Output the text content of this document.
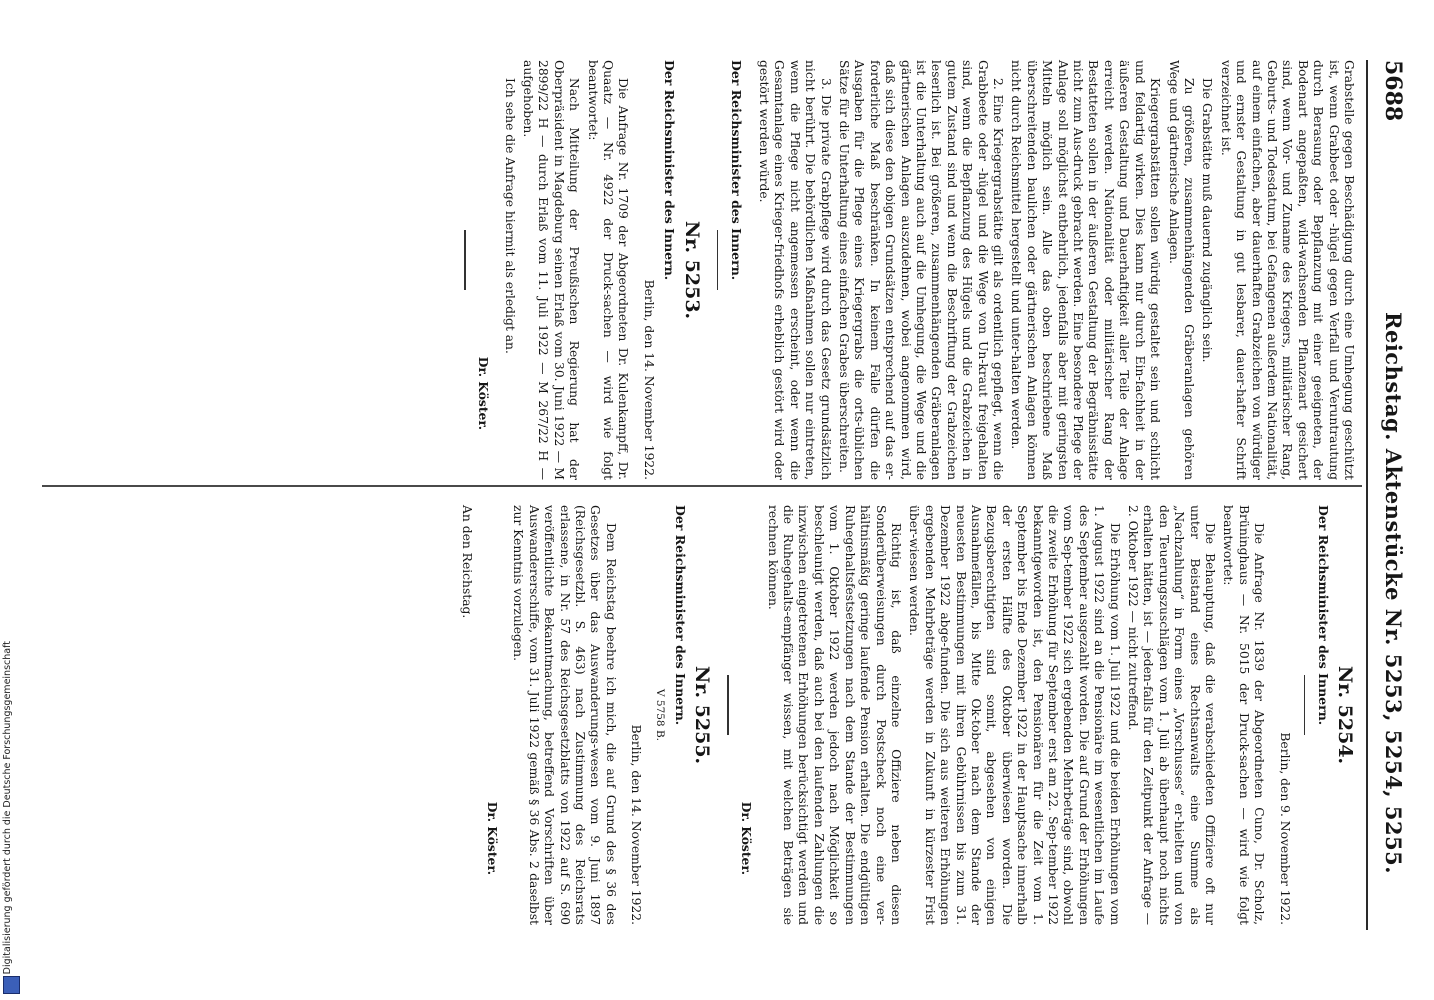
5688
Reichstag. Aktenstücke Nr. 5253, 5254, 5255.

Grabstelle gegen Beschädigung durch eine Umhegung geschützt ist, wenn Grabbeet oder -hügel gegen Verfall und Veruntrautung durch Berasung oder Bepflanzung mit einer geeigneten, der Bodenart angepaßten, wild-wachsenden Pflanzenart gesichert sind, wenn Vor- und Zuname des Kriegers, militärischer Rang, Geburts- und Todesdatum, bei Gefangenen außerdem Nationalität, auf einem einfachen, aber dauerhaften Grabzeichen von würdiger und ernster Gestaltung in gut lesbarer, dauer-hafter Schrift verzeichnet ist.

Die Grabstätte muß dauernd zugänglich sein.

Zu größeren, zusammenhängenden Gräberanlagen gehören Wege und gärtnerische Anlagen.

Kriegergrabstätten sollen würdig gestaltet sein und schlicht und feldartig wirken. Dies kann nur durch Ein-fachheit in der äußeren Gestaltung und Dauerhaftigkeit aller Teile der Anlage erreicht werden. Nationalität oder militärischer Rang der Bestatteten sollen in der äußeren Gestaltung der Begräbnisstätte nicht zum Aus-druck gebracht werden. Eine besondere Pflege der Anlage soll möglichst entbehrlich, jedenfalls aber mit geringsten Mitteln möglich sein. Alle das oben beschriebene Maß überschreitenden baulichen oder gärtnerischen Anlagen können nicht durch Reichsmittel hergestellt und unter-halten werden.

2. Eine Kriegergrabstätte gilt als ordentlich gepflegt, wenn die Grabbeete oder -hügel und die Wege von Un-kraut freigehalten sind, wenn die Bepflanzung des Hügels und die Grabzeichen in gutem Zustand sind und wenn die Beschriftung der Grabzeichen leserlich ist. Bei größeren, zusammenhängenden Gräberanlagen ist die Unterhaltung auch auf die Umhegung, die Wege und die gärtnerischen Anlagen auszudehnen, wobei angenommen wird, daß sich diese den obigen Grundsätzen entsprechend auf das er-forderliche Maß beschränken. In keinem Falle dürfen die Ausgaben für die Pflege eines Kriegergrabs die orts-üblichen Sätze für die Unterhaltung eines einfachen Grabes überschreiten.

3. Die private Grabpflege wird durch das Gesetz grundsätzlich nicht berührt. Die behördlichen Maßnahmen sollen nur eintreten, wenn die Pflege nicht angemessen erscheint, oder wenn die Gesamtanlage eines Krieger-friedhofs erheblich gestört wird oder gestört werden würde.

Der Reichsminister des Innern.

Nr. 5253.

Der Reichsminister des Innern.

Berlin, den 14. November 1922.

Die Anfrage Nr. 1709 der Abgeordneten Dr. Kulenkampff, Dr. Quaatz — Nr. 4922 der Druck-sachen — wird wie folgt beantwortet:

Nach Mitteilung der Preußischen Regierung hat der Oberpräsident in Magdeburg seinen Erlaß vom 30. Juni 1922 — M 2899/22 H — durch Erlaß vom 11. Juli 1922 — M 267/22 H — aufgehoben.

Ich sehe die Anfrage hiermit als erledigt an.

Dr. Köster.
Nr. 5254.

Der Reichsminister des Innern.

Berlin, den 9. November 1922.

Die Anfrage Nr. 1839 der Abgeordneten Cuno, Dr. Scholz, Brüninghaus — Nr. 5015 der Druck-sachen — wird wie folgt beantwortet:

Die Behauptung, daß die verabschiedeten Offiziere oft nur unter Beistand eines Rechtsanwalts eine Summe als „Nachzahlung“ in Form eines „Vorschusses“ er-hielten und von den Teuerungszuschlägen vom 1. Juli ab überhaupt noch nichts erhalten hätten, ist — jeden-falls für den Zeitpunkt der Anfrage — 2. Oktober 1922 — nicht zutreffend.

Die Erhöhung vom 1. Juli 1922 und die beiden Erhöhungen vom 1. August 1922 sind an die Pensionäre im wesentlichen im Laufe des September ausgezahlt worden. Die auf Grund der Erhöhungen vom Sep-tember 1922 sich ergebenden Mehrbeträge sind, obwohl die zweite Erhöhung für September erst am 22. Sep-tember 1922 bekanntgeworden ist, den Pensionären für die Zeit vom 1. September bis Ende Dezember 1922 in der Hauptsache innerhalb der ersten Hälfte des Oktober überwiesen worden. Die Bezugsberechtigten sind somit, abgesehen von einigen Ausnahmefällen, bis Mitte Ok-tober nach dem Stande der neuesten Bestimmungen mit ihren Gebührnissen bis zum 31. Dezember 1922 abge-funden. Die sich aus weiteren Erhöhungen ergebenden Mehrbeträge werden in Zukunft in kürzester Frist über-wiesen werden.

Richtig ist, daß einzelne Offiziere neben diesen Sonderüberweisungen durch Postscheck noch eine ver-hältnismäßig geringe laufende Pension erhalten. Die endgültigen Ruhegehaltsfestsetzungen nach dem Stande der Bestimmungen vom 1. Oktober 1922 werden jedoch nach Möglichkeit so beschleunigt werden, daß auch bei den laufenden Zahlungen die inzwischen eingetretenen Erhöhungen berücksichtigt werden und die Ruhegehalts-empfänger wissen, mit welchen Beträgen sie rechnen können.

Dr. Köster.
Nr. 5255.

Der Reichsminister des Innern.

V 5758 B.
Berlin, den 14. November 1922.

Dem Reichstag beehre ich mich, die auf Grund des § 36 des Gesetzes über das Auswanderungs-wesen vom 9. Juni 1897 (Reichsgesetzbl. S. 463) nach Zustimmung des Reichsrats erlassene, in Nr. 57 des Reichsgesetzblatts von 1922 auf S. 690 veröffentlichte Bekanntmachung, betreffend Vorschriften über Auswandererschiffe, vom 31. Juli 1922 gemäß § 36 Abs. 2 daselbst zur Kenntnis vorzulegen.

Dr. Köster.

An den Reichstag.

Digitalisierung gefördert durch die Deutsche Forschungsgemeinschaft
